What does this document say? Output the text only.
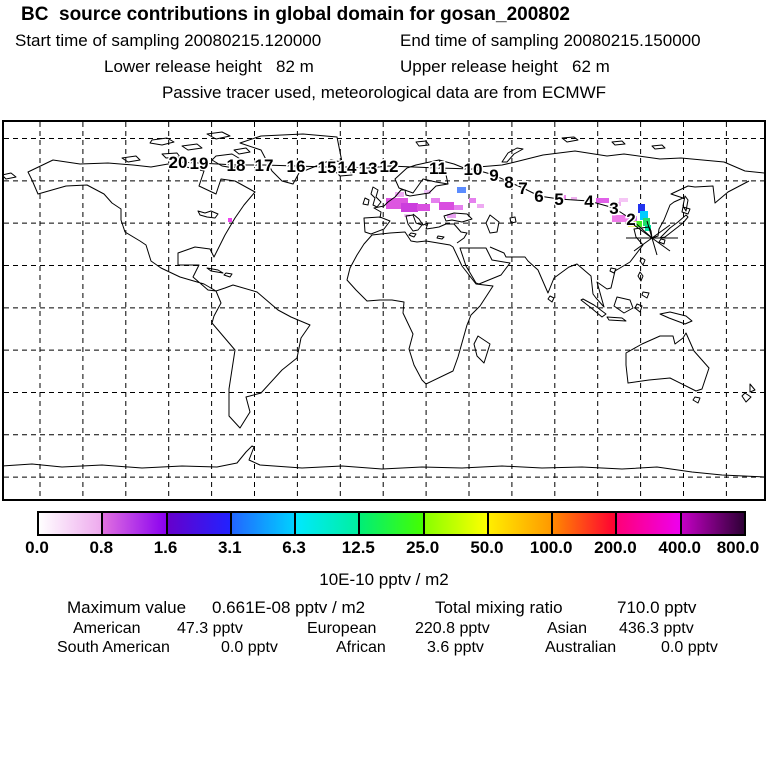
BC  source contributions in global domain for gosan_200802
Start time of sampling 20080215.120000	End time of sampling 20080215.150000
Lower release height   82 m	Upper release height   62 m
Passive tracer used, meteorological data are from ECMWF
20 19 18 17 16 15 14 13 12 11 10 9 8 7 6 5 4 3
2
0.0	0.8	1.6	3.1	6.3	12.5	25.0	50.0	100.0	200.0	400.0 800.0
10E-10 pptv / m2
Maximum value 0.661E-08 pptv / m2	Total mixing ratio	710.0 pptv
American 47.3 pptv	European 220.8 pptv	Asian 436.3 pptv
South American	0.0 pptv	African	3.6 pptv	Australian	0.0 pptv
